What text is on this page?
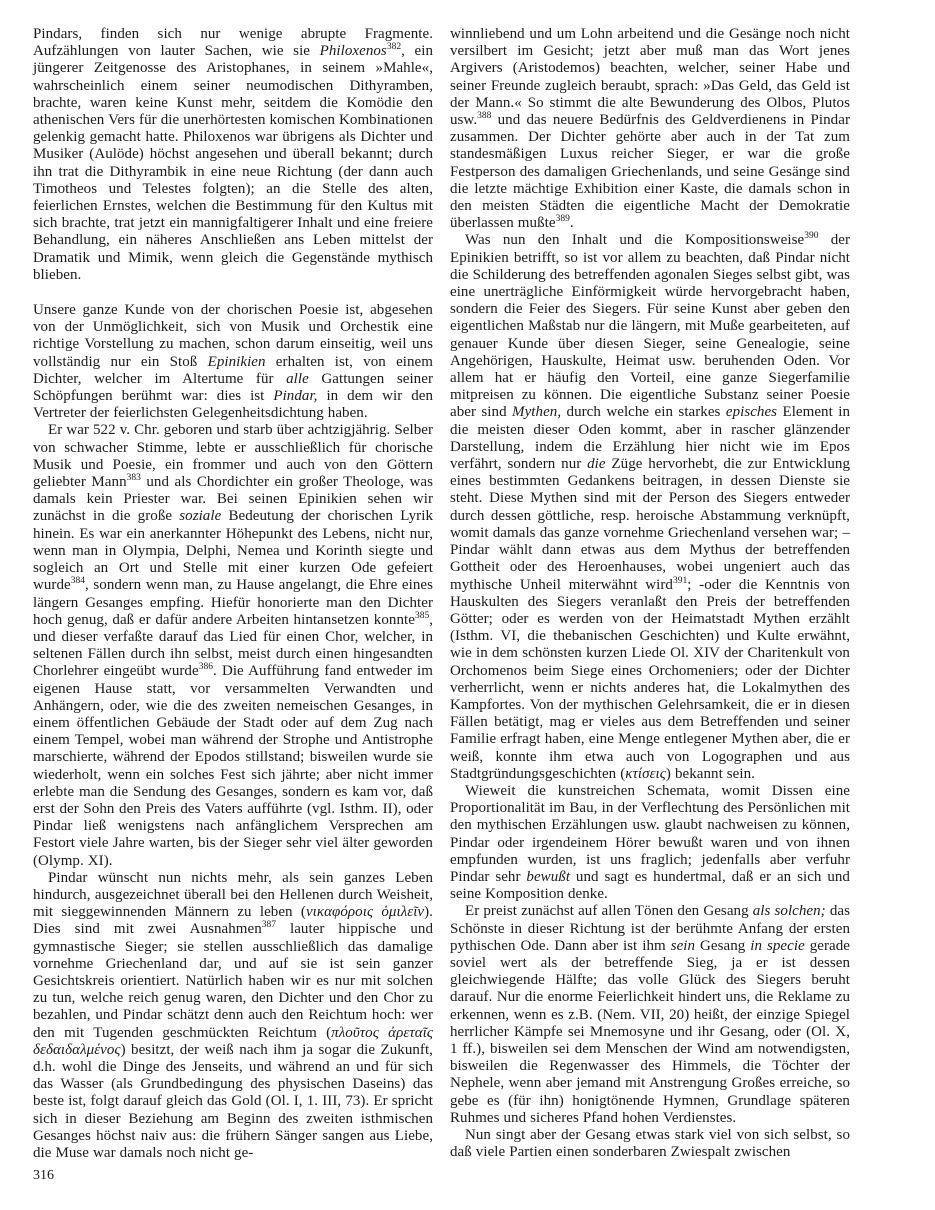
Pindars, finden sich nur wenige abrupte Fragmente. Aufzählungen von lauter Sachen, wie sie Philoxenos$^{382}$, ein jüngerer Zeitgenosse des Aristophanes, in seinem »Mahle«, wahrscheinlich einem seiner neumodischen Dithyramben, brachte, waren keine Kunst mehr, seitdem die Komödie den athenischen Vers für die unerhörtesten komischen Kombinationen gelenkig gemacht hatte. Philoxenos war übrigens als Dichter und Musiker (Aulöde) höchst angesehen und überall bekannt; durch ihn trat die Dithyrambik in eine neue Richtung (der dann auch Timotheos und Telestes folgten); an die Stelle des alten, feierlichen Ernstes, welchen die Bestimmung für den Kultus mit sich brachte, trat jetzt ein mannigfaltigerer Inhalt und eine freiere Behandlung, ein näheres Anschließen ans Leben mittelst der Dramatik und Mimik, wenn gleich die Gegenstände mythisch blieben.

Unsere ganze Kunde von der chorischen Poesie ist, abgesehen von der Unmöglichkeit, sich von Musik und Orchestik eine richtige Vorstellung zu machen, schon darum einseitig, weil uns vollständig nur ein Stoß Epinikien erhalten ist, von einem Dichter, welcher im Altertume für alle Gattungen seiner Schöpfungen berühmt war: dies ist Pindar, in dem wir den Vertreter der feierlichsten Gelegenheitsdichtung haben.

Er war 522 v. Chr. geboren und starb über achtzigjährig. Selber von schwacher Stimme, lebte er ausschließlich für chorische Musik und Poesie, ein frommer und auch von den Göttern geliebter Mann$^{383}$ und als Chordichter ein großer Theologe, was damals kein Priester war. Bei seinen Epinikien sehen wir zunächst in die große soziale Bedeutung der chorischen Lyrik hinein. Es war ein anerkannter Höhepunkt des Lebens, nicht nur, wenn man in Olympia, Delphi, Nemea und Korinth siegte und sogleich an Ort und Stelle mit einer kurzen Ode gefeiert wurde$^{384}$, sondern wenn man, zu Hause angelangt, die Ehre eines längern Gesanges empfing. Hiefür honorierte man den Dichter hoch genug, daß er dafür andere Arbeiten hintansetzen konnte$^{385}$, und dieser verfaßte darauf das Lied für einen Chor, welcher, in seltenen Fällen durch ihn selbst, meist durch einen hingesandten Chorlehrer eingeübt wurde$^{386}$. Die Aufführung fand entweder im eigenen Hause statt, vor versammelten Verwandten und Anhängern, oder, wie die des zweiten nemeischen Gesanges, in einem öffentlichen Gebäude der Stadt oder auf dem Zug nach einem Tempel, wobei man während der Strophe und Antistrophe marschierte, während der Epodos stillstand; bisweilen wurde sie wiederholt, wenn ein solches Fest sich jährte; aber nicht immer erlebte man die Sendung des Gesanges, sondern es kam vor, daß erst der Sohn den Preis des Vaters aufführte (vgl. Isthm. II), oder Pindar ließ wenigstens nach anfänglichem Versprechen am Festort viele Jahre warten, bis der Sieger sehr viel älter geworden (Olymp. XI).

Pindar wünscht nun nichts mehr, als sein ganzes Leben hindurch, ausgezeichnet überall bei den Hellenen durch Weisheit, mit sieggewinnenden Männern zu leben (νικαφόροις ὁμιλεῖν). Dies sind mit zwei Ausnahmen$^{387}$ lauter hippische und gymnastische Sieger; sie stellen ausschließlich das damalige vornehme Griechenland dar, und auf sie ist sein ganzer Gesichtskreis orientiert. Natürlich haben wir es nur mit solchen zu tun, welche reich genug waren, den Dichter und den Chor zu bezahlen, und Pindar schätzt denn auch den Reichtum hoch: wer den mit Tugenden geschmückten Reichtum (πλοῦτος ἀρεταῖς δεδαιδαλμένος) besitzt, der weiß nach ihm ja sogar die Zukunft, d.h. wohl die Dinge des Jenseits, und während an und für sich das Wasser (als Grundbedingung des physischen Daseins) das beste ist, folgt darauf gleich das Gold (Ol. I, 1. III, 73). Er spricht sich in dieser Beziehung am Beginn des zweiten isthmischen Gesanges höchst naiv aus: die frühern Sänger sangen aus Liebe, die Muse war damals noch nicht ge-

winnliebend und um Lohn arbeitend und die Gesänge noch nicht versilbert im Gesicht; jetzt aber muß man das Wort jenes Argivers (Aristodemos) beachten, welcher, seiner Habe und seiner Freunde zugleich beraubt, sprach: »Das Geld, das Geld ist der Mann.« So stimmt die alte Bewunderung des Olbos, Plutos usw.$^{388}$ und das neuere Bedürfnis des Geldverdienens in Pindar zusammen. Der Dichter gehörte aber auch in der Tat zum standesmäßigen Luxus reicher Sieger, er war die große Festperson des damaligen Griechenlands, und seine Gesänge sind die letzte mächtige Exhibition einer Kaste, die damals schon in den meisten Städten die eigentliche Macht der Demokratie überlassen mußte$^{389}$.

Was nun den Inhalt und die Kompositionsweise$^{390}$ der Epinikien betrifft, so ist vor allem zu beachten, daß Pindar nicht die Schilderung des betreffenden agonalen Sieges selbst gibt, was eine unerträgliche Einförmigkeit würde hervorgebracht haben, sondern die Feier des Siegers. Für seine Kunst aber geben den eigentlichen Maßstab nur die längern, mit Muße gearbeiteten, auf genauer Kunde über diesen Sieger, seine Genealogie, seine Angehörigen, Hauskulte, Heimat usw. beruhenden Oden. Vor allem hat er häufig den Vorteil, eine ganze Siegerfamilie mitpreisen zu können. Die eigentliche Substanz seiner Poesie aber sind Mythen, durch welche ein starkes episches Element in die meisten dieser Oden kommt, aber in rascher glänzender Darstellung, indem die Erzählung hier nicht wie im Epos verfährt, sondern nur die Züge hervorhebt, die zur Entwicklung eines bestimmten Gedankens beitragen, in dessen Dienste sie steht. Diese Mythen sind mit der Person des Siegers entweder durch dessen göttliche, resp. heroische Abstammung verknüpft, womit damals das ganze vornehme Griechenland versehen war; – Pindar wählt dann etwas aus dem Mythus der betreffenden Gottheit oder des Heroenhauses, wobei ungeniert auch das mythische Unheil miterwähnt wird$^{391}$; -oder die Kenntnis von Hauskulten des Siegers veranlaßt den Preis der betreffenden Götter; oder es werden von der Heimatstadt Mythen erzählt (Isthm. VI, die thebanischen Geschichten) und Kulte erwähnt, wie in dem schönsten kurzen Liede Ol. XIV der Charitenkult von Orchomenos beim Siege eines Orchomeniers; oder der Dichter verherrlicht, wenn er nichts anderes hat, die Lokalmythen des Kampfortes. Von der mythischen Gelehrsamkeit, die er in diesen Fällen betätigt, mag er vieles aus dem Betreffenden und seiner Familie erfragt haben, eine Menge entlegener Mythen aber, die er weiß, konnte ihm etwa auch von Logographen und aus Stadtgründungsgeschichten (κτίσεις) bekannt sein.

Wieweit die kunstreichen Schemata, womit Dissen eine Proportionalität im Bau, in der Verflechtung des Persönlichen mit den mythischen Erzählungen usw. glaubt nachweisen zu können, Pindar oder irgendeinem Hörer bewußt waren und von ihnen empfunden wurden, ist uns fraglich; jedenfalls aber verfuhr Pindar sehr bewußt und sagt es hundertmal, daß er an sich und seine Komposition denke.

Er preist zunächst auf allen Tönen den Gesang als solchen; das Schönste in dieser Richtung ist der berühmte Anfang der ersten pythischen Ode. Dann aber ist ihm sein Gesang in specie gerade soviel wert als der betreffende Sieg, ja er ist dessen gleichwiegende Hälfte; das volle Glück des Siegers beruht darauf. Nur die enorme Feierlichkeit hindert uns, die Reklame zu erkennen, wenn es z.B. (Nem. VII, 20) heißt, der einzige Spiegel herrlicher Kämpfe sei Mnemosyne und ihr Gesang, oder (Ol. X, 1 ff.), bisweilen sei dem Menschen der Wind am notwendigsten, bisweilen die Regenwasser des Himmels, die Töchter der Nephele, wenn aber jemand mit Anstrengung Großes erreiche, so gebe es (für ihn) honigtönende Hymnen, Grundlage späteren Ruhmes und sicheres Pfand hohen Verdienstes.

Nun singt aber der Gesang etwas stark viel von sich selbst, so daß viele Partien einen sonderbaren Zwiespalt zwischen

316
